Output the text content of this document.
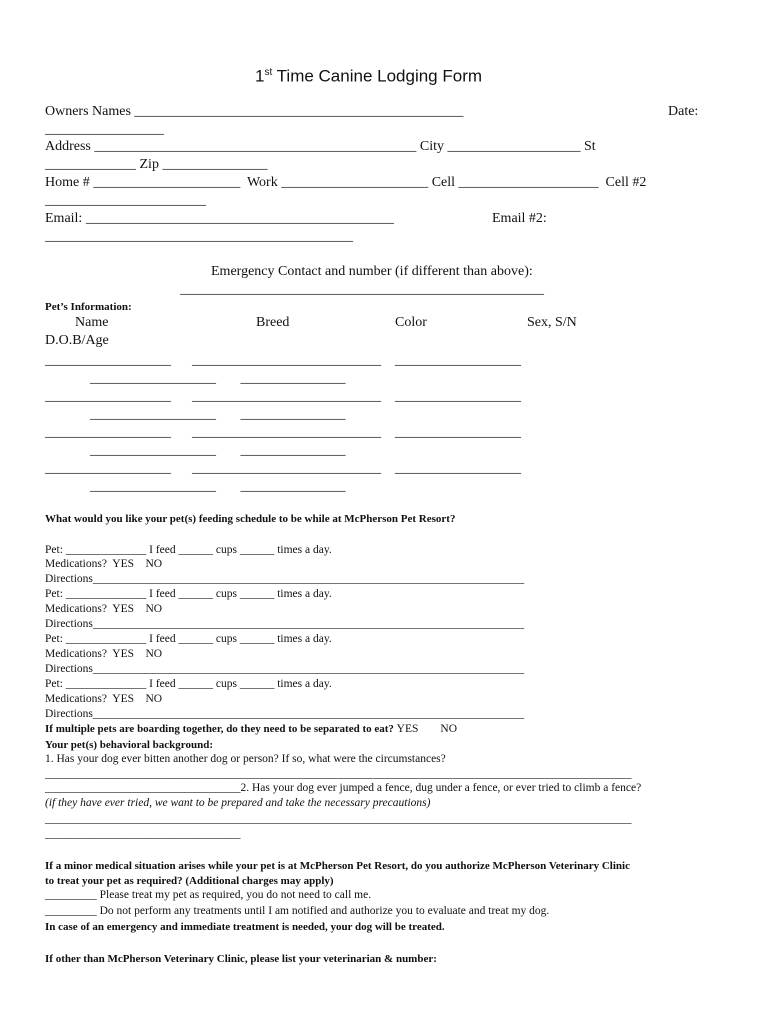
1st Time Canine Lodging Form
Owners Names _______________________________________________	Date:
_________________
Address ______________________________________________ City ___________________ St
_____________ Zip _______________
Home # _____________________  Work _____________________ Cell ____________________  Cell #2
_______________________
Email: ____________________________________________	Email #2:
____________________________________________
Emergency Contact and number (if different than above):
____________________________________________________
Pet’s Information:
Name	Breed	Color	Sex, S/N
D.O.B/Age
__________________      ___________________________    __________________
__________________       _______________
__________________      ___________________________    __________________
__________________       _______________
__________________      ___________________________    __________________
__________________       _______________
__________________      ___________________________    __________________
__________________       _______________
What would you like your pet(s) feeding schedule to be while at McPherson Pet Resort?
Pet: ______________ I feed ______ cups ______ times a day.
Medications?  YES    NO
Directions___________________________________________________________________________
Pet: ______________ I feed ______ cups ______ times a day.
Medications?  YES    NO
Directions___________________________________________________________________________
Pet: ______________ I feed ______ cups ______ times a day.
Medications?  YES    NO
Directions___________________________________________________________________________
Pet: ______________ I feed ______ cups ______ times a day.
Medications?  YES    NO
Directions___________________________________________________________________________
If multiple pets are boarding together, do they need to be separated to eat? YES NO
Your pet(s) behavioral background:
1. Has your dog ever bitten another dog or person? If so, what were the circumstances?
______________________________________________________________________________________________________
__________________________________2. Has your dog ever jumped a fence, dug under a fence, or ever tried to climb a fence?
(if they have ever tried, we want to be prepared and take the necessary precautions)
______________________________________________________________________________________________________
__________________________________
If a minor medical situation arises while your pet is at McPherson Pet Resort, do you authorize McPherson Veterinary Clinic
to treat your pet as required? (Additional charges may apply)
_________ Please treat my pet as required, you do not need to call me.
_________ Do not perform any treatments until I am notified and authorize you to evaluate and treat my dog.
In case of an emergency and immediate treatment is needed, your dog will be treated.
If other than McPherson Veterinary Clinic, please list your veterinarian & number:
